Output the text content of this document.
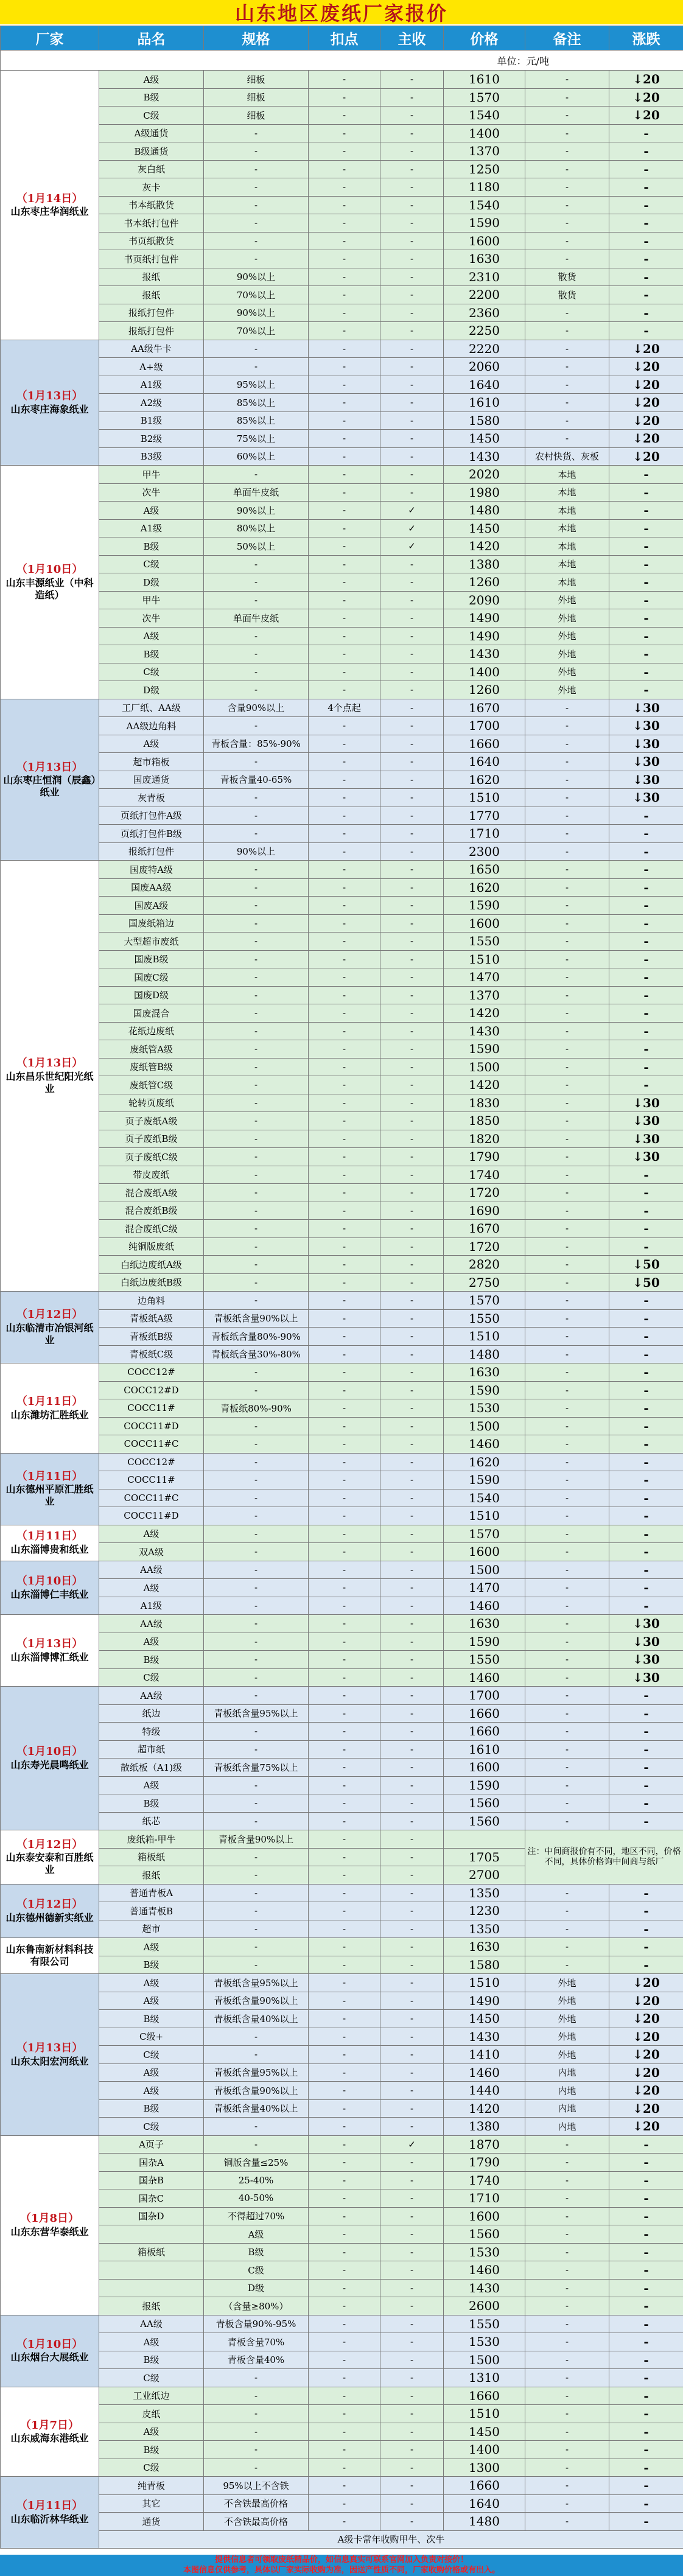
山东地区废纸厂家报价
厂家	品名	规格	扣点	主收	价格	备注	涨跌
单位：元/吨							

（1月14日）
山东枣庄华润纸业	A级	细板	-	-	1610	-	↓20
	B级	细板	-	-	1570	-	↓20
	C级	细板	-	-	1540	-	↓20
	A级通货	-	-	-	1400	-	-
	B级通货	-	-	-	1370	-	-
	灰白纸	-	-	-	1250	-	-
	灰卡	-	-	-	1180	-	-
	书本纸散货	-	-	-	1540	-	-
	书本纸打包件	-	-	-	1590	-	-
	书页纸散货	-	-	-	1600	-	-
	书页纸打包件	-	-	-	1630	-	-
	报纸	90%以上	-	-	2310	散货	-
	报纸	70%以上	-	-	2200	散货	-
	报纸打包件	90%以上	-	-	2360	-	-
	报纸打包件	70%以上	-	-	2250	-	-

（1月13日）
山东枣庄海象纸业	AA级牛卡	-	-	-	2220	-	↓20
	A+级	-	-	-	2060	-	↓20
	A1级	95%以上	-	-	1640	-	↓20
	A2级	85%以上	-	-	1610	-	↓20
	B1级	85%以上	-	-	1580	-	↓20
	B2级	75%以上	-	-	1450	-	↓20
	B3级	60%以上	-	-	1430	农村快货、灰板	↓20

（1月10日）
山东丰源纸业（中科造纸）	甲牛	-	-	-	2020	本地	-
	次牛	单面牛皮纸	-	-	1980	本地	-
	A级	90%以上	-	✓	1480	本地	-
	A1级	80%以上	-	✓	1450	本地	-
	B级	50%以上	-	✓	1420	本地	-
	C级	-	-	-	1380	本地	-
	D级	-	-	-	1260	本地	-
	甲牛	-	-	-	2090	外地	-
	次牛	单面牛皮纸	-	-	1490	外地	-
	A级	-	-	-	1490	外地	-
	B级	-	-	-	1430	外地	-
	C级	-	-	-	1400	外地	-
	D级	-	-	-	1260	外地	-

（1月13日）
山东枣庄恒润（辰鑫）纸业	工厂纸、AA级	含量90%以上	4个点起	-	1670	-	↓30
	AA级边角料	-	-	-	1700	-	↓30
	A级	青板含量：85%-90%	-	-	1660	-	↓30
	超市箱板	-	-	-	1640	-	↓30
	国废通货	青板含量40-65%	-	-	1620	-	↓30
	灰青板	-	-	-	1510	-	↓30
	页纸打包件A级	-	-	-	1770	-	-
	页纸打包件B级	-	-	-	1710	-	-
	报纸打包件	90%以上	-	-	2300	-	-

（1月13日）
山东昌乐世纪阳光纸业	国废特A级	-	-	-	1650	-	-
	国废AA级	-	-	-	1620	-	-
	国废A级	-	-	-	1590	-	-
	国废纸箱边	-	-	-	1600	-	-
	大型超市废纸	-	-	-	1550	-	-
	国废B级	-	-	-	1510	-	-
	国废C级	-	-	-	1470	-	-
	国废D级	-	-	-	1370	-	-
	国废混合	-	-	-	1420	-	-
	花纸边废纸	-	-	-	1430	-	-
	废纸管A级	-	-	-	1590	-	-
	废纸管B级	-	-	-	1500	-	-
	废纸管C级	-	-	-	1420	-	-
	轮转页废纸	-	-	-	1830	-	↓30
	页子废纸A级	-	-	-	1850	-	↓30
	页子废纸B级	-	-	-	1820	-	↓30
	页子废纸C级	-	-	-	1790	-	↓30
	带皮废纸	-	-	-	1740	-	-
	混合废纸A级	-	-	-	1720	-	-
	混合废纸B级	-	-	-	1690	-	-
	混合废纸C级	-	-	-	1670	-	-
	纯铜版废纸	-	-	-	1720	-	-
	白纸边废纸A级	-	-	-	2820	-	↓50
	白纸边废纸B级	-	-	-	2750	-	↓50

（1月12日）
山东临清市冶银河纸业	边角料	-	-	-	1570	-	-
	青板纸A级	青板纸含量90%以上	-	-	1550	-	-
	青板纸B级	青板纸含量80%-90%	-	-	1510	-	-
	青板纸C级	青板纸含量30%-80%	-	-	1480	-	-

（1月11日）
山东潍坊汇胜纸业	COCC12#	-	-	-	1630	-	-
	COCC12#D	-	-	-	1590	-	-
	COCC11#	青板纸80%-90%	-	-	1530	-	-
	COCC11#D	-	-	-	1500	-	-
	COCC11#C	-	-	-	1460	-	-

（1月11日）
山东德州平原汇胜纸业	COCC12#	-	-	-	1620	-	-
	COCC11#	-	-	-	1590	-	-
	COCC11#C	-	-	-	1540	-	-
	COCC11#D	-	-	-	1510	-	-

（1月11日）
山东淄博贵和纸业	A级	-	-	-	1570	-	-
	双A级	-	-	-	1600	-	-

（1月10日）
山东淄博仁丰纸业	AA级	-	-	-	1500	-	-
	A级	-	-	-	1470	-	-
	A1级	-	-	-	1460	-	-

（1月13日）
山东淄博博汇纸业	AA级	-	-	-	1630	-	↓30
	A级	-	-	-	1590	-	↓30
	B级	-	-	-	1550	-	↓30
	C级	-	-	-	1460	-	↓30

（1月10日）
山东寿光晨鸣纸业	AA级	-	-	-	1700	-	-
	纸边	青板纸含量95%以上	-	-	1660	-	-
	特级	-	-	-	1660	-	-
	超市纸	-	-	-	1610	-	-
	散纸板（A1)级	青板纸含量75%以上	-	-	1600	-	-
	A级	-	-	-	1590	-	-
	B级	-	-	-	1560	-	-
	纸芯	-	-	-	1560	-	-

（1月12日）
山东泰安泰和百胜纸业	废纸箱-甲牛	青板含量90%以上	-	-		注：中间商报价有不同，地区不同，价格不同，具体价格询中间商与纸厂	
	箱板纸	-	-	-	1705		
	报纸	-	-	-	2700		

（1月12日）
山东德州德新实纸业	普通青板A	-	-	-	1350	-	-
	普通青板B	-	-	-	1230	-	-
	超市	-	-	-	1350	-	-

山东鲁南新材料科技有限公司	A级	-	-	-	1630	-	-
	B级	-	-	-	1580	-	-

（1月13日）
山东太阳宏河纸业	A级	青板纸含量95%以上	-	-	1510	外地	↓20
	A级	青板纸含量90%以上	-	-	1490	外地	↓20
	B级	青板纸含量40%以上	-	-	1450	外地	↓20
	C级+	-	-	-	1430	外地	↓20
	C级	-	-	-	1410	外地	↓20
	A级	青板纸含量95%以上	-	-	1460	内地	↓20
	A级	青板纸含量90%以上	-	-	1440	内地	↓20
	B级	青板纸含量40%以上	-	-	1420	内地	↓20
	C级	-	-	-	1380	内地	↓20

（1月8日）
山东东营华泰纸业	A页子	-	-	✓	1870	-	-
	国杂A	铜版含量≤25%	-	-	1790	-	-
	国杂B	25-40%	-	-	1740	-	-
	国杂C	40-50%	-	-	1710	-	-
	国杂D	不得超过70%	-	-	1600	-	-
		A级	-	-	1560	-	-
	箱板纸	B级	-	-	1530	-	-
		C级	-	-	1460	-	-
		D级	-	-	1430	-	-
	报纸	（含量≥80%）	-	-	2600	-	-

（1月10日）
山东烟台大展纸业	AA级	青板含量90%-95%	-	-	1550	-	-
	A级	青板含量70%	-	-	1530	-	-
	B级	青板含量40%	-	-	1500	-	-
	C级	-	-	-	1310	-	-

（1月7日）
山东威海东港纸业	工业纸边	-	-	-	1660	-	-
	皮纸	-	-	-	1510	-	-
	A级	-	-	-	1450	-	-
	B级	-	-	-	1400	-	-
	C级	-	-	-	1300	-	-

（1月11日）
山东临沂林华纸业	纯青板	95%以上不含铁	-	-	1660	-	-
	其它	不含铁最高价格	-	-	1640	-	-
	通货	不含铁最高价格	-	-	1480	-	-
	A级卡常年收购甲牛、次牛						
提供信息者可领取废纸精品价，如信息真实可联系官网加入负责对接价！
本图信息仅供参考，具体以厂家实际收购为准，因送产性质不同，厂家收购价格或有出入。
